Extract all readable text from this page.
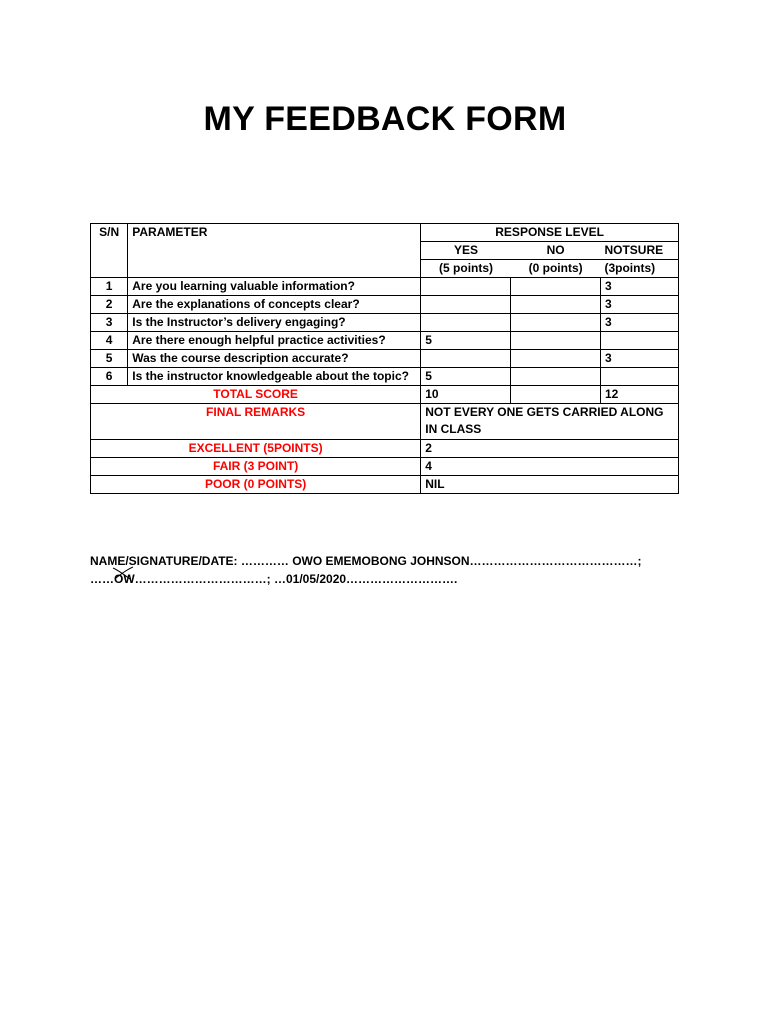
MY FEEDBACK FORM
S/N	PARAMETER	RESPONSE LEVEL		
		YES	NO	NOTSURE
		(5 points)	(0 points)	(3points)
1	Are you learning valuable information?			3
2	Are the explanations of concepts clear?			3
3	Is the Instructor’s delivery engaging?			3
4	Are there enough helpful practice activities?	5		
5	Was the course description accurate?			3
6	Is the instructor knowledgeable about the topic?	5		
TOTAL SCORE		10		12
FINAL REMARKS		NOT EVERY ONE GETS CARRIED ALONG IN CLASS		
EXCELLENT (5POINTS)		2		
FAIR (3 POINT)		4		
POOR (0 POINTS)		NIL		
NAME/SIGNATURE/DATE: ………… OWO EMEMOBONG JOHNSON……………………………………;
……OW
……………………………; …01/05/2020……………………….
